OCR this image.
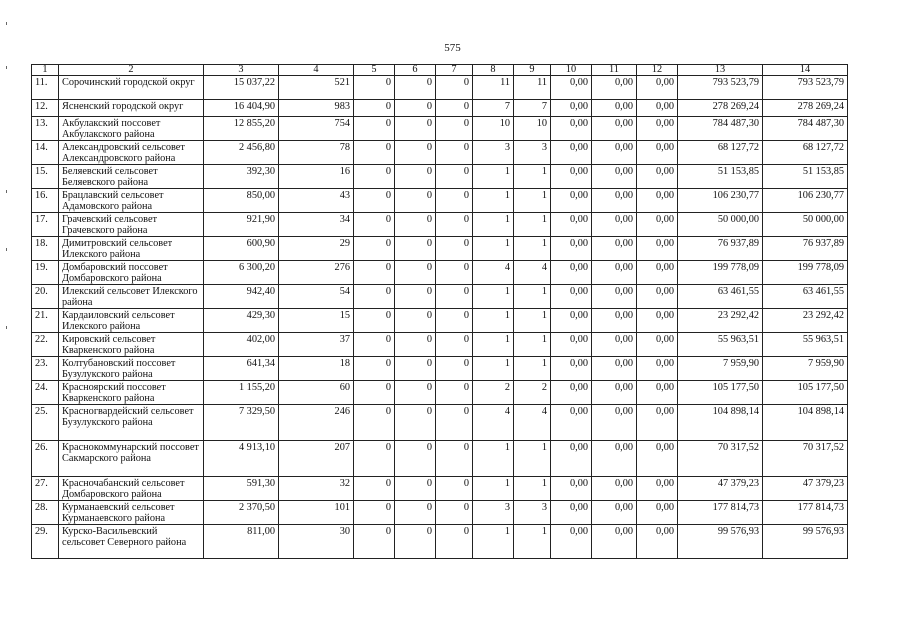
575
1	2	3	4	5	6	7	8	9	10	11	12	13	14
11.	Сорочинский городской округ	15 037,22	521	0	0	0	11	11	0,00	0,00	0,00	793 523,79	793 523,79
12.	Ясненский городской округ	16 404,90	983	0	0	0	7	7	0,00	0,00	0,00	278 269,24	278 269,24
13.	Акбулакский поссовет Акбулакского района	12 855,20	754	0	0	0	10	10	0,00	0,00	0,00	784 487,30	784 487,30
14.	Александровский сельсовет Александровского района	2 456,80	78	0	0	0	3	3	0,00	0,00	0,00	68 127,72	68 127,72
15.	Беляевский сельсовет Беляевского района	392,30	16	0	0	0	1	1	0,00	0,00	0,00	51 153,85	51 153,85
16.	Брацлавский сельсовет Адамовского района	850,00	43	0	0	0	1	1	0,00	0,00	0,00	106 230,77	106 230,77
17.	Грачевский сельсовет Грачевского района	921,90	34	0	0	0	1	1	0,00	0,00	0,00	50 000,00	50 000,00
18.	Димитровский сельсовет Илекского района	600,90	29	0	0	0	1	1	0,00	0,00	0,00	76 937,89	76 937,89
19.	Домбаровский поссовет Домбаровского района	6 300,20	276	0	0	0	4	4	0,00	0,00	0,00	199 778,09	199 778,09
20.	Илекский сельсовет Илекского района	942,40	54	0	0	0	1	1	0,00	0,00	0,00	63 461,55	63 461,55
21.	Кардаиловский сельсовет Илекского района	429,30	15	0	0	0	1	1	0,00	0,00	0,00	23 292,42	23 292,42
22.	Кировский сельсовет Кваркенского района	402,00	37	0	0	0	1	1	0,00	0,00	0,00	55 963,51	55 963,51
23.	Колтубановский поссовет Бузулукского района	641,34	18	0	0	0	1	1	0,00	0,00	0,00	7 959,90	7 959,90
24.	Красноярский поссовет Кваркенского района	1 155,20	60	0	0	0	2	2	0,00	0,00	0,00	105 177,50	105 177,50
25.	Красногвардейский сельсовет Бузулукского района	7 329,50	246	0	0	0	4	4	0,00	0,00	0,00	104 898,14	104 898,14
26.	Краснокоммунарский поссовет Сакмарского района	4 913,10	207	0	0	0	1	1	0,00	0,00	0,00	70 317,52	70 317,52
27.	Красночабанский сельсовет Домбаровского района	591,30	32	0	0	0	1	1	0,00	0,00	0,00	47 379,23	47 379,23
28.	Курманаевский сельсовет Курманаевского района	2 370,50	101	0	0	0	3	3	0,00	0,00	0,00	177 814,73	177 814,73
29.	Курско-Васильевский сельсовет Северного района	811,00	30	0	0	0	1	1	0,00	0,00	0,00	99 576,93	99 576,93
